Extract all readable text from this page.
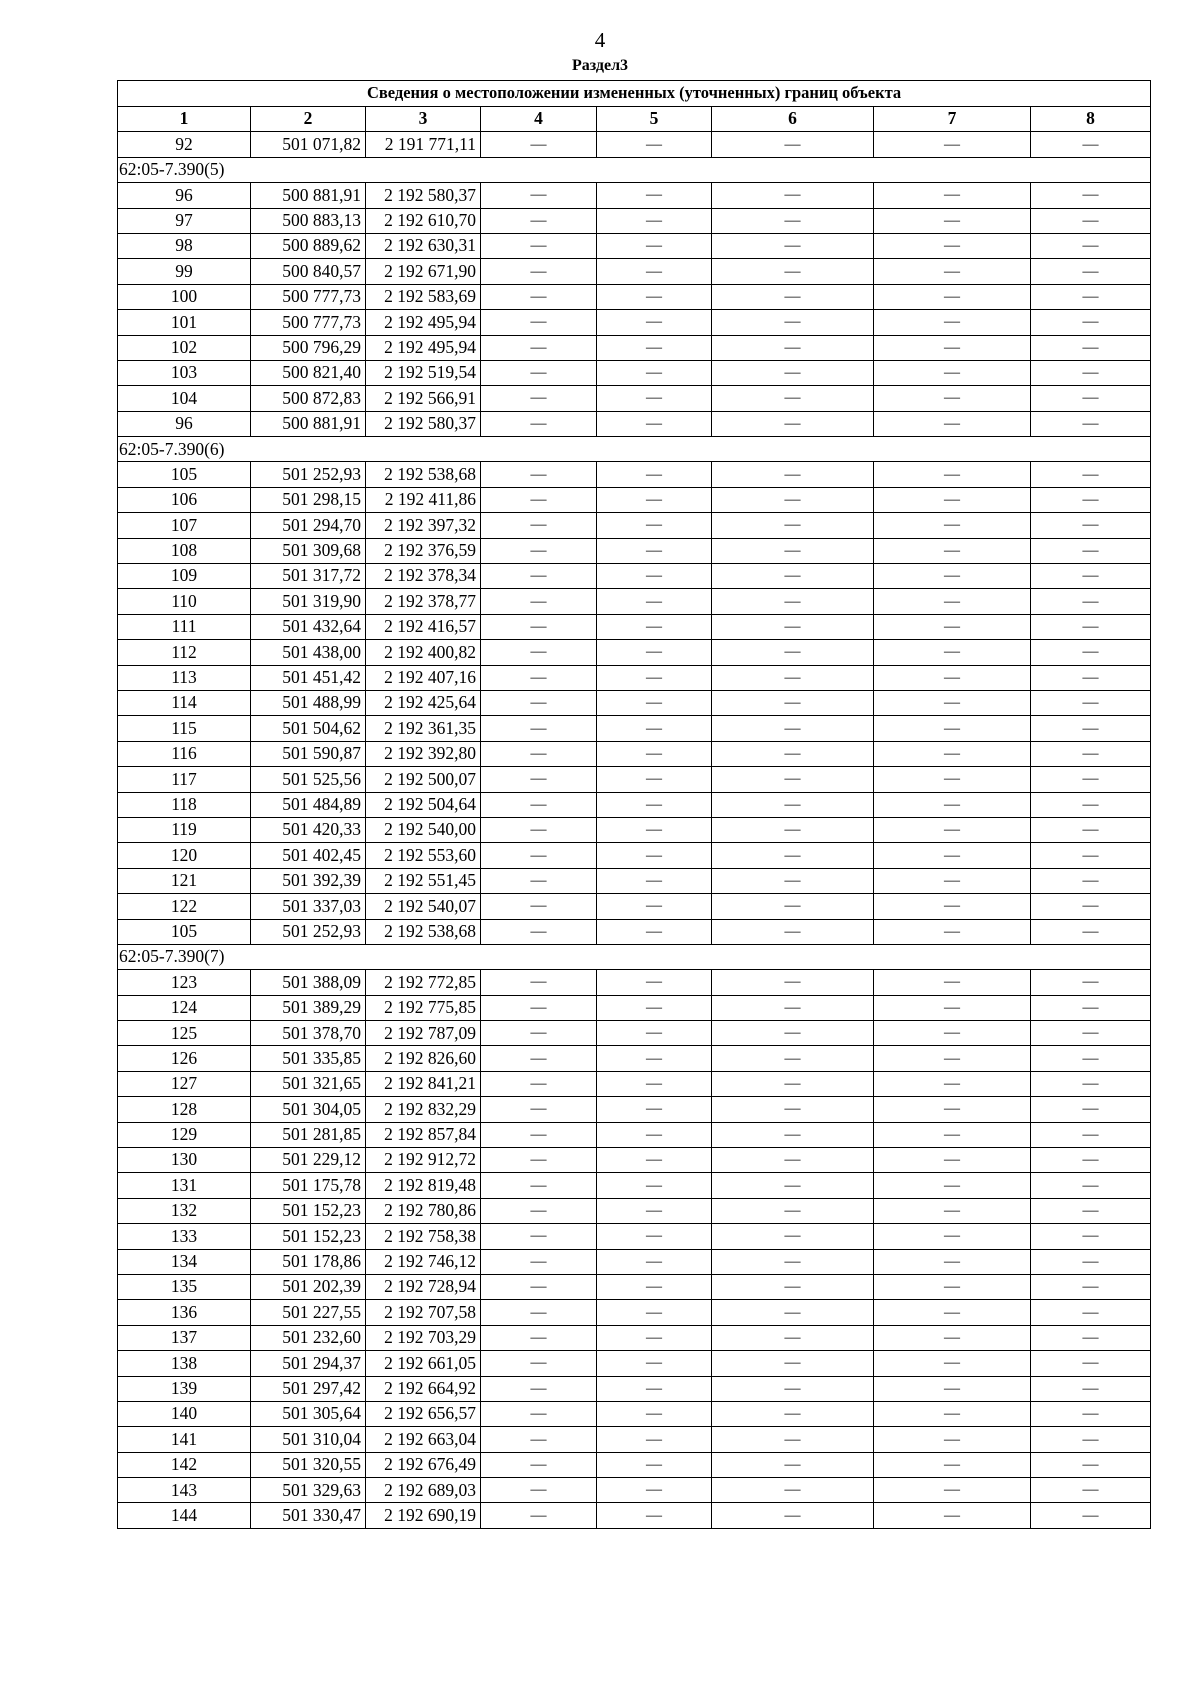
4
Раздел3
Сведения о местоположении измененных (уточненных) границ объекта							
1	2	3	4	5	6	7	8
92	501 071,82	2 191 771,11	—	—	—	—	—
62:05-7.390(5)							
96	500 881,91	2 192 580,37	—	—	—	—	—
97	500 883,13	2 192 610,70	—	—	—	—	—
98	500 889,62	2 192 630,31	—	—	—	—	—
99	500 840,57	2 192 671,90	—	—	—	—	—
100	500 777,73	2 192 583,69	—	—	—	—	—
101	500 777,73	2 192 495,94	—	—	—	—	—
102	500 796,29	2 192 495,94	—	—	—	—	—
103	500 821,40	2 192 519,54	—	—	—	—	—
104	500 872,83	2 192 566,91	—	—	—	—	—
96	500 881,91	2 192 580,37	—	—	—	—	—
62:05-7.390(6)							
105	501 252,93	2 192 538,68	—	—	—	—	—
106	501 298,15	2 192 411,86	—	—	—	—	—
107	501 294,70	2 192 397,32	—	—	—	—	—
108	501 309,68	2 192 376,59	—	—	—	—	—
109	501 317,72	2 192 378,34	—	—	—	—	—
110	501 319,90	2 192 378,77	—	—	—	—	—
111	501 432,64	2 192 416,57	—	—	—	—	—
112	501 438,00	2 192 400,82	—	—	—	—	—
113	501 451,42	2 192 407,16	—	—	—	—	—
114	501 488,99	2 192 425,64	—	—	—	—	—
115	501 504,62	2 192 361,35	—	—	—	—	—
116	501 590,87	2 192 392,80	—	—	—	—	—
117	501 525,56	2 192 500,07	—	—	—	—	—
118	501 484,89	2 192 504,64	—	—	—	—	—
119	501 420,33	2 192 540,00	—	—	—	—	—
120	501 402,45	2 192 553,60	—	—	—	—	—
121	501 392,39	2 192 551,45	—	—	—	—	—
122	501 337,03	2 192 540,07	—	—	—	—	—
105	501 252,93	2 192 538,68	—	—	—	—	—
62:05-7.390(7)							
123	501 388,09	2 192 772,85	—	—	—	—	—
124	501 389,29	2 192 775,85	—	—	—	—	—
125	501 378,70	2 192 787,09	—	—	—	—	—
126	501 335,85	2 192 826,60	—	—	—	—	—
127	501 321,65	2 192 841,21	—	—	—	—	—
128	501 304,05	2 192 832,29	—	—	—	—	—
129	501 281,85	2 192 857,84	—	—	—	—	—
130	501 229,12	2 192 912,72	—	—	—	—	—
131	501 175,78	2 192 819,48	—	—	—	—	—
132	501 152,23	2 192 780,86	—	—	—	—	—
133	501 152,23	2 192 758,38	—	—	—	—	—
134	501 178,86	2 192 746,12	—	—	—	—	—
135	501 202,39	2 192 728,94	—	—	—	—	—
136	501 227,55	2 192 707,58	—	—	—	—	—
137	501 232,60	2 192 703,29	—	—	—	—	—
138	501 294,37	2 192 661,05	—	—	—	—	—
139	501 297,42	2 192 664,92	—	—	—	—	—
140	501 305,64	2 192 656,57	—	—	—	—	—
141	501 310,04	2 192 663,04	—	—	—	—	—
142	501 320,55	2 192 676,49	—	—	—	—	—
143	501 329,63	2 192 689,03	—	—	—	—	—
144	501 330,47	2 192 690,19	—	—	—	—	—
